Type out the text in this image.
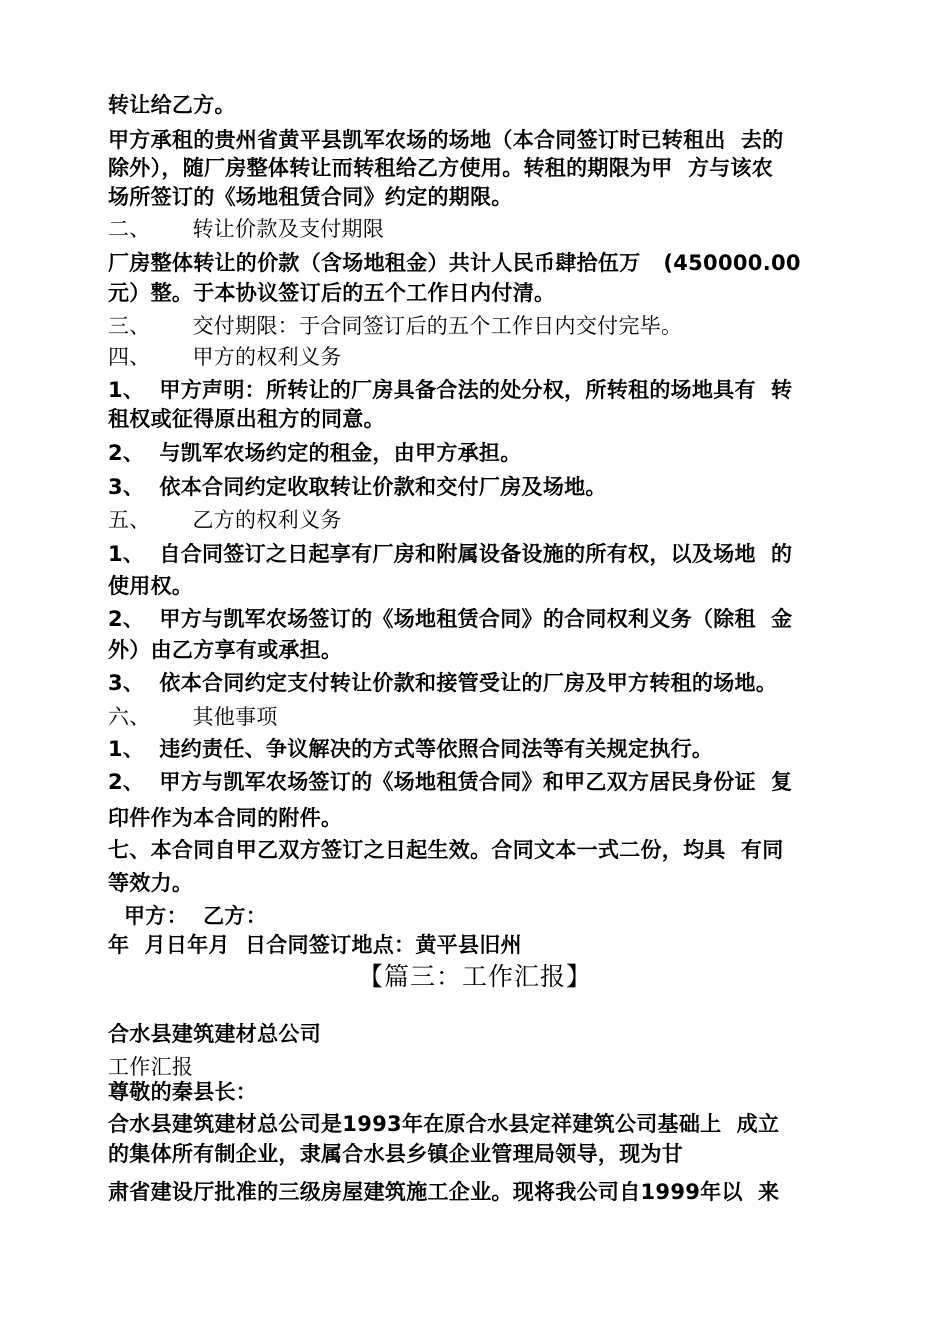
转让给乙方。
甲方承租的贵州省黄平县凯军农场的场地（本合同签订时已转租出  去的
除外），随厂房整体转让而转租给乙方使用。转租的期限为甲  方与该农
场所签订的《场地租赁合同》约定的期限。
二、      转让价款及支付期限
厂房整体转让的价款（含场地租金）共计人民币肆拾伍万   (450000.00
元）整。于本协议签订后的五个工作日内付清。
三、      交付期限：于合同签订后的五个工作日内交付完毕。
四、      甲方的权利义务
1、  甲方声明：所转让的厂房具备合法的处分权，所转租的场地具有  转
租权或征得原出租方的同意。
2、  与凯军农场约定的租金，由甲方承担。
3、  依本合同约定收取转让价款和交付厂房及场地。
五、      乙方的权利义务
1、  自合同签订之日起享有厂房和附属设备设施的所有权，以及场地  的
使用权。
2、  甲方与凯军农场签订的《场地租赁合同》的合同权利义务（除租  金
外）由乙方享有或承担。
3、  依本合同约定支付转让价款和接管受让的厂房及甲方转租的场地。
六、      其他事项
1、  违约责任、争议解决的方式等依照合同法等有关规定执行。
2、  甲方与凯军农场签订的《场地租赁合同》和甲乙双方居民身份证  复
印件作为本合同的附件。
七、本合同自甲乙双方签订之日起生效。合同文本一式二份，均具  有同
等效力。
甲方：  乙方：
年  月日年月  日合同签订地点：黄平县旧州
【篇三：工作汇报】
合水县建筑建材总公司
工作汇报
尊敬的秦县长：
合水县建筑建材总公司是1993年在原合水县定祥建筑公司基础上  成立
的集体所有制企业，隶属合水县乡镇企业管理局领导，现为甘
肃省建设厅批准的三级房屋建筑施工企业。现将我公司自1999年以  来
